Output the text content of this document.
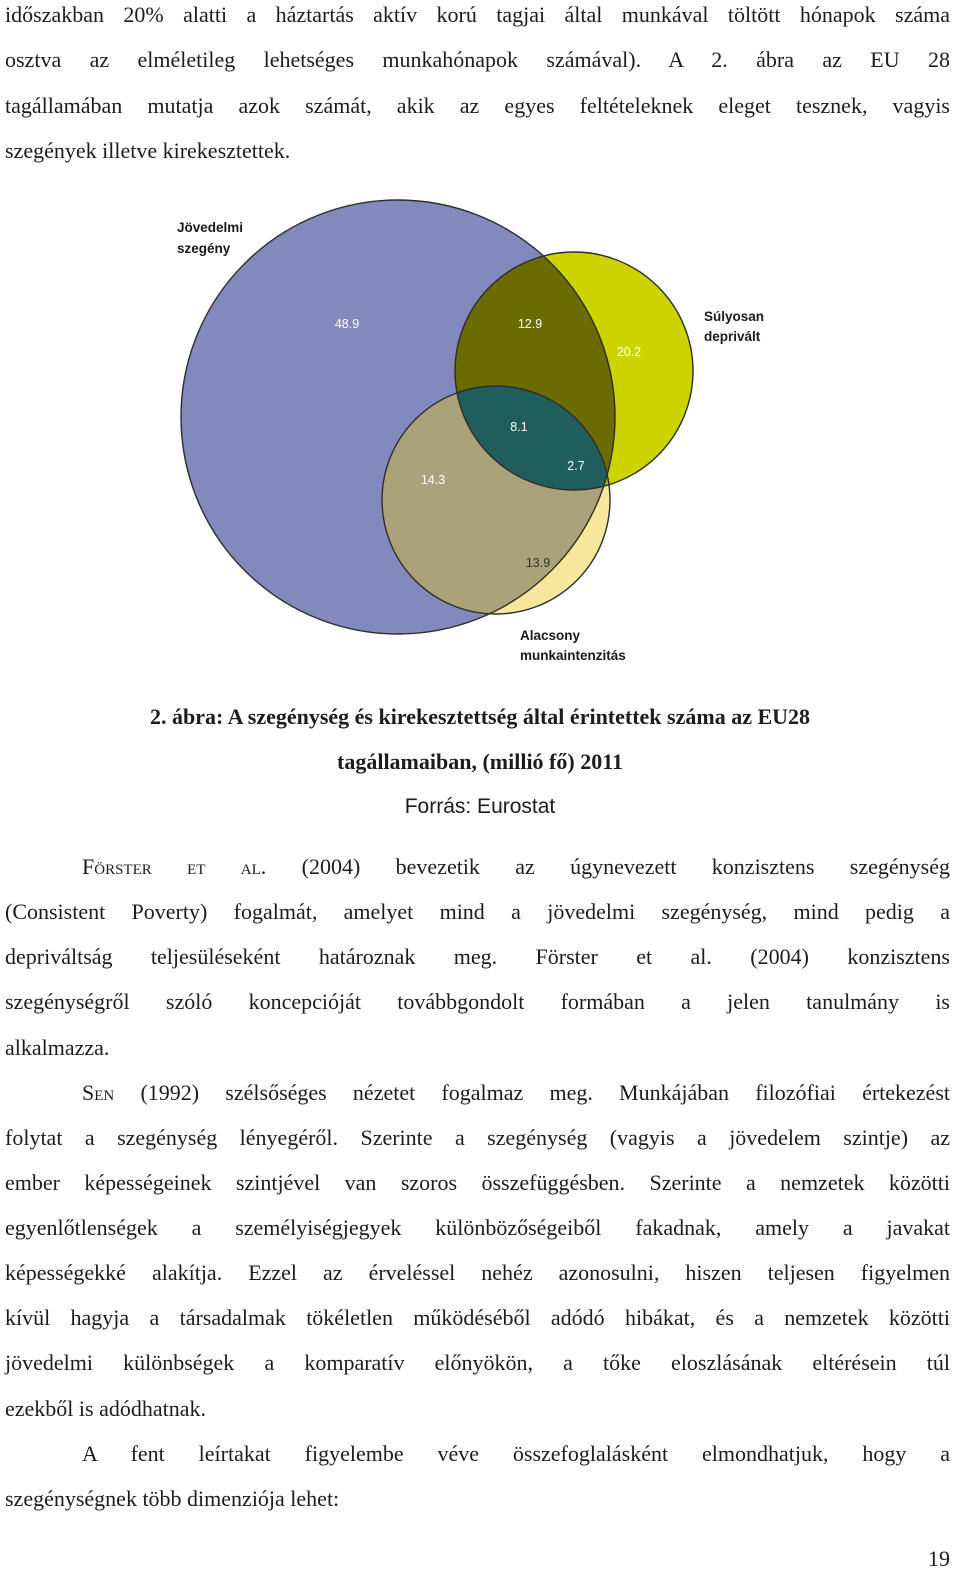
időszakban 20% alatti a háztartás aktív korú tagjai által munkával töltött hónapok száma
osztva az elméletileg lehetséges munkahónapok számával). A 2. ábra az EU 28
tagállamában mutatja azok számát, akik az egyes feltételeknek eleget tesznek, vagyis
szegények illetve kirekesztettek.
Jövedelmi
szegény
Súlyosan
deprivált
Alacsony
munkaintenzitás
48.9	12.9
20.2
8.1
2.7
14.3
13.9
2. ábra: A szegénység és kirekesztettség által érintettek száma az EU28
tagállamaiban, (millió fő) 2011
Forrás: Eurostat
Förster et al. (2004) bevezetik az úgynevezett konzisztens szegénység
(Consistent Poverty) fogalmát, amelyet mind a jövedelmi szegénység, mind pedig a
depriváltság teljesüléseként határoznak meg. Förster et al. (2004) konzisztens
szegénységről szóló koncepcióját továbbgondolt formában a jelen tanulmány is
alkalmazza.
Sen (1992) szélsőséges nézetet fogalmaz meg. Munkájában filozófiai értekezést
folytat a szegénység lényegéről. Szerinte a szegénység (vagyis a jövedelem szintje) az
ember képességeinek szintjével van szoros összefüggésben. Szerinte a nemzetek közötti
egyenlőtlenségek a személyiségjegyek különbözőségeiből fakadnak, amely a javakat
képességekké alakítja. Ezzel az érveléssel nehéz azonosulni, hiszen teljesen figyelmen
kívül hagyja a társadalmak tökéletlen működéséből adódó hibákat, és a nemzetek közötti
jövedelmi különbségek a komparatív előnyökön, a tőke eloszlásának eltérésein túl
ezekből is adódhatnak.
A fent leírtakat figyelembe véve összefoglalásként elmondhatjuk, hogy a
szegénységnek több dimenziója lehet:
19
